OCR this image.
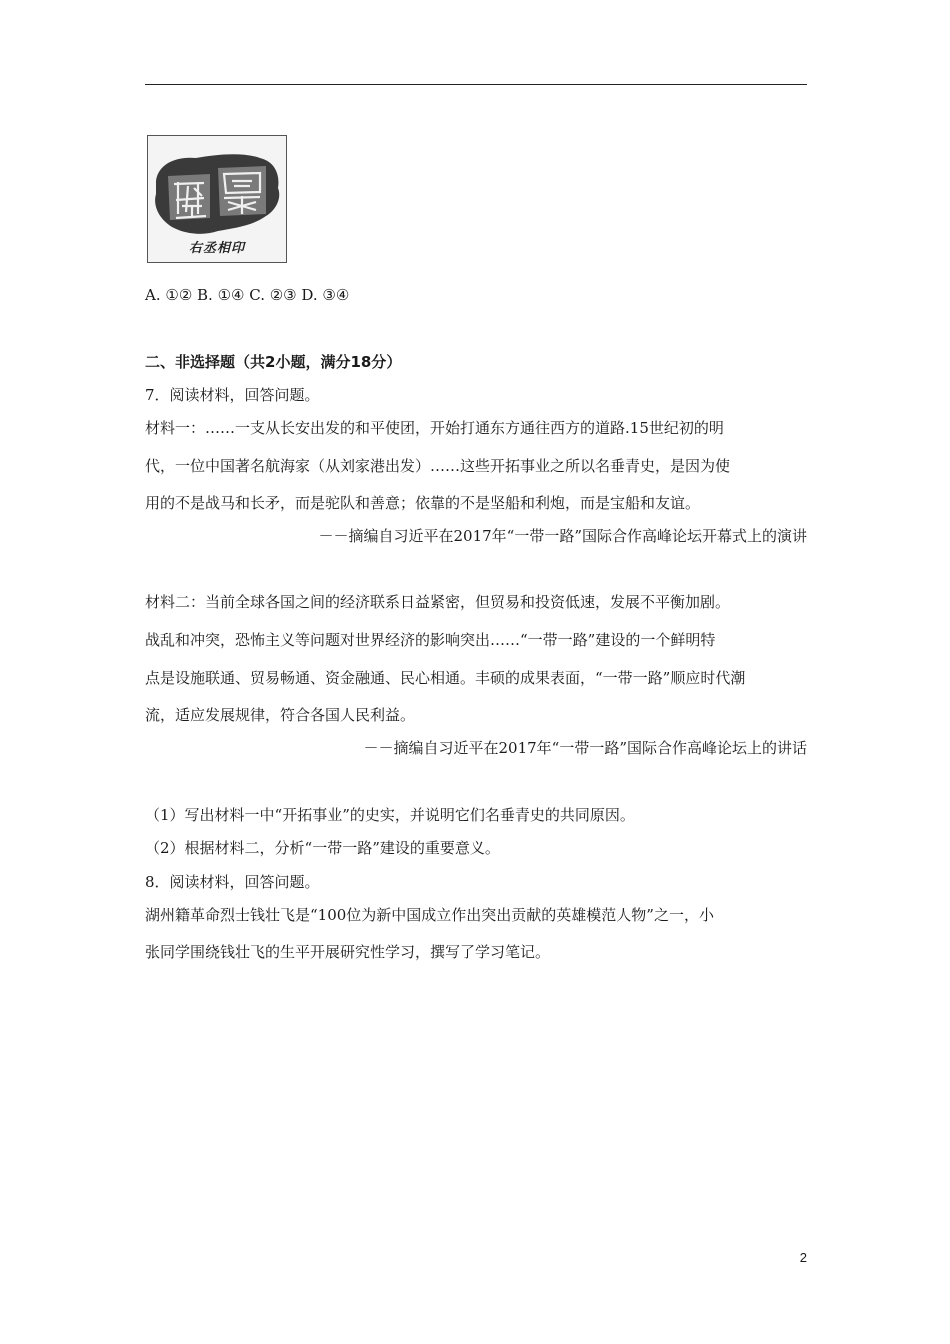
右丞相印
A. ①② B. ①④ C. ②③ D. ③④
二、非选择题（共2小题，满分18分）
7．阅读材料，回答问题。
材料一：……一支从长安出发的和平使团，开始打通东方通往西方的道路.15世纪初的明
代，一位中国著名航海家（从刘家港出发）……这些开拓事业之所以名垂青史，是因为使
用的不是战马和长矛，而是驼队和善意；依靠的不是坚船和利炮，而是宝船和友谊。
－－摘编自习近平在2017年“一带一路”国际合作高峰论坛开幕式上的演讲
材料二：当前全球各国之间的经济联系日益紧密，但贸易和投资低速，发展不平衡加剧。
战乱和冲突，恐怖主义等问题对世界经济的影响突出……“一带一路”建设的一个鲜明特
点是设施联通、贸易畅通、资金融通、民心相通。丰硕的成果表面，“一带一路”顺应时代潮
流，适应发展规律，符合各国人民利益。
－－摘编自习近平在2017年“一带一路”国际合作高峰论坛上的讲话
（1）写出材料一中“开拓事业”的史实，并说明它们名垂青史的共同原因。
（2）根据材料二，分析“一带一路”建设的重要意义。
8．阅读材料，回答问题。
湖州籍革命烈士钱壮飞是“100位为新中国成立作出突出贡献的英雄模范人物”之一，小
张同学围绕钱壮飞的生平开展研究性学习，撰写了学习笔记。
2
